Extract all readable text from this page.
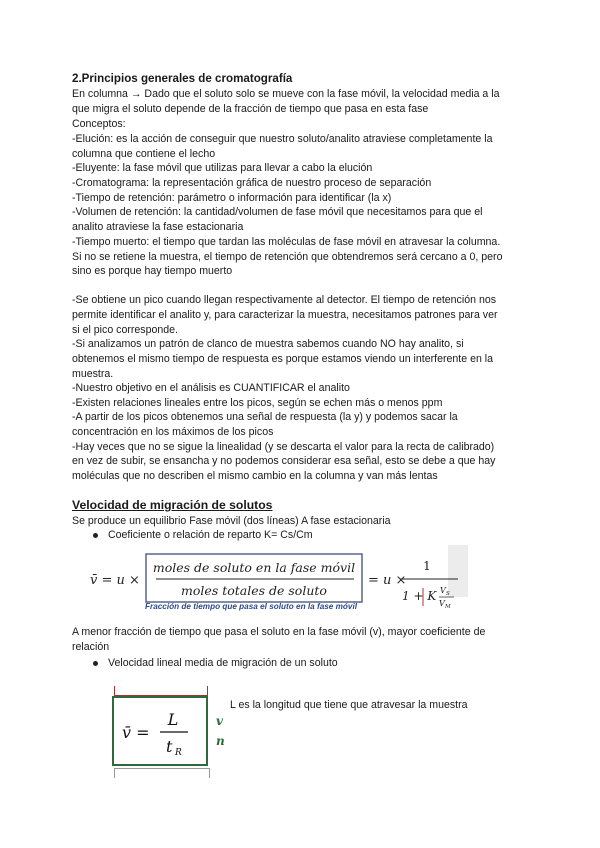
2.Principios generales de cromatografía
En columna → Dado que el soluto solo se mueve con la fase móvil, la velocidad media a la
que migra el soluto depende de la fracción de tiempo que pasa en esta fase
Conceptos:
-Elución: es la acción de conseguir que nuestro soluto/analito atraviese completamente la
columna que contiene el lecho
-Eluyente: la fase móvil que utilizas para llevar a cabo la elución
-Cromatograma: la representación gráfica de nuestro proceso de separación
-Tiempo de retención: parámetro o información para identificar (la x)
-Volumen de retención: la cantidad/volumen de fase móvil que necesitamos para que el
analito atraviese la fase estacionaria
-Tiempo muerto: el tiempo que tardan las moléculas de fase móvil en atravesar la columna.
Si no se retiene la muestra, el tiempo de retención que obtendremos será cercano a 0, pero
sino es porque hay tiempo muerto
-Se obtiene un pico cuando llegan respectivamente al detector. El tiempo de retención nos
permite identificar el analito y, para caracterizar la muestra, necesitamos patrones para ver
si el pico corresponde.
-Si analizamos un patrón de clanco de muestra sabemos cuando NO hay analito, si
obtenemos el mismo tiempo de respuesta es porque estamos viendo un interferente en la
muestra.
-Nuestro objetivo en el análisis es CUANTIFICAR el analito
-Existen relaciones lineales entre los picos, según se echen más o menos ppm
-A partir de los picos obtenemos una señal de respuesta (la y) y podemos sacar la
concentración en los máximos de los picos
-Hay veces que no se sigue la linealidad (y se descarta el valor para la recta de calibrado)
en vez de subir, se ensancha y no podemos considerar esa señal, esto se debe a que hay
moléculas que no describen el mismo cambio en la columna y van más lentas
Velocidad de migración de solutos
Se produce un equilibrio Fase móvil (dos líneas) A fase estacionaria
Coeficiente o relación de reparto K= Cs/Cm
v̄ = u ×
moles de soluto en la fase móvil
moles totales de soluto
= u ×
1
1 + K V S
V M
Fracción de tiempo que pasa el soluto en la fase móvil
A menor fracción de tiempo que pasa el soluto en la fase móvil (v), mayor coeficiente de
relación
Velocidad lineal media de migración de un soluto
v̄ =
L
t R
v
n
L es la longitud que tiene que atravesar la muestra
